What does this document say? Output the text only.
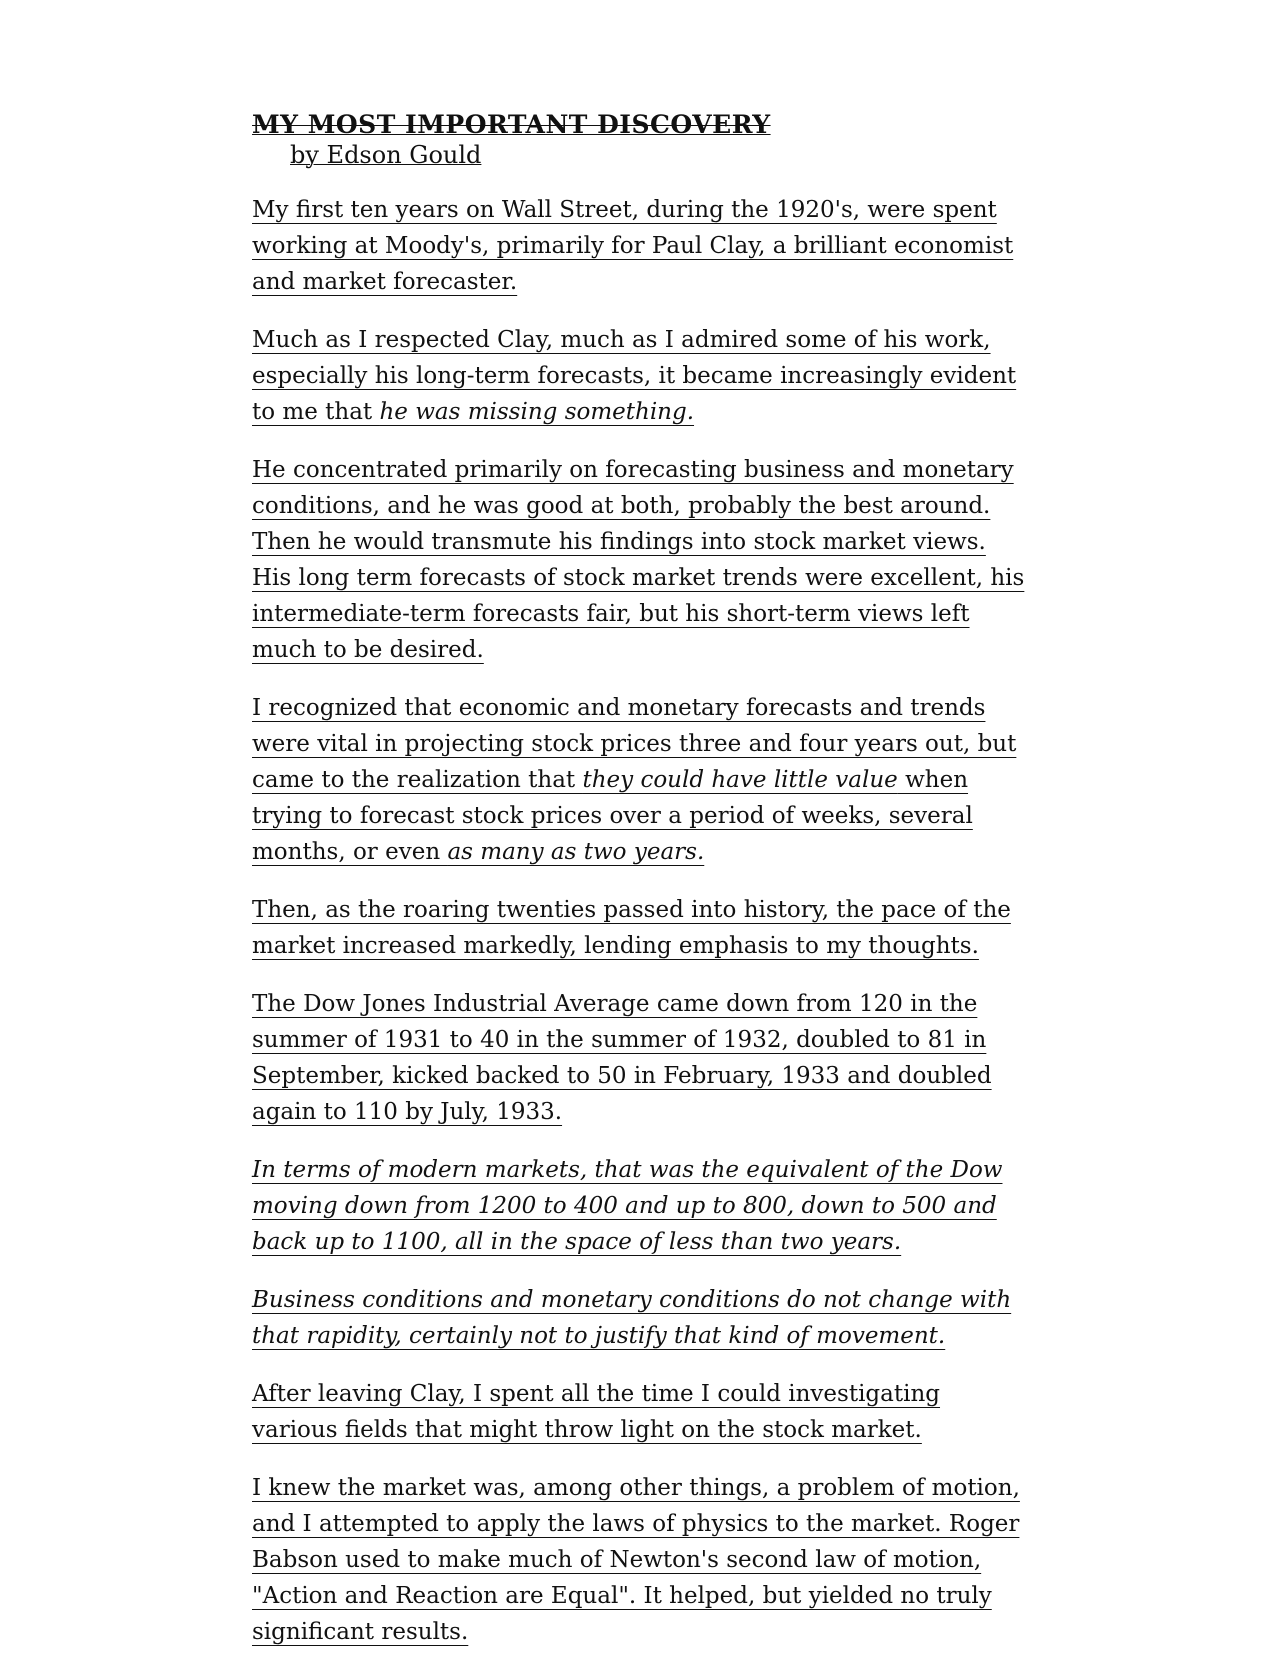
MY MOST IMPORTANT DISCOVERY
by Edson Gould

My first ten years on Wall Street, during the 1920's, were spent working at Moody's, primarily for Paul Clay, a brilliant economist and market forecaster.

Much as I respected Clay, much as I admired some of his work, especially his long-term forecasts, it became increasingly evident to me that he was missing something.

He concentrated primarily on forecasting business and monetary conditions, and he was good at both, probably the best around. Then he would transmute his findings into stock market views. His long term forecasts of stock market trends were excellent, his intermediate-term forecasts fair, but his short-term views left much to be desired.

I recognized that economic and monetary forecasts and trends were vital in projecting stock prices three and four years out, but came to the realization that they could have little value when trying to forecast stock prices over a period of weeks, several months, or even as many as two years.

Then, as the roaring twenties passed into history, the pace of the market increased markedly, lending emphasis to my thoughts.

The Dow Jones Industrial Average came down from 120 in the summer of 1931 to 40 in the summer of 1932, doubled to 81 in September, kicked backed to 50 in February, 1933 and doubled again to 110 by July, 1933.

In terms of modern markets, that was the equivalent of the Dow moving down from 1200 to 400 and up to 800, down to 500 and back up to 1100, all in the space of less than two years.

Business conditions and monetary conditions do not change with that rapidity, certainly not to justify that kind of movement.

After leaving Clay, I spent all the time I could investigating various fields that might throw light on the stock market.

I knew the market was, among other things, a problem of motion, and I attempted to apply the laws of physics to the market. Roger Babson used to make much of Newton's second law of motion, "Action and Reaction are Equal". It helped, but yielded no truly significant results.
